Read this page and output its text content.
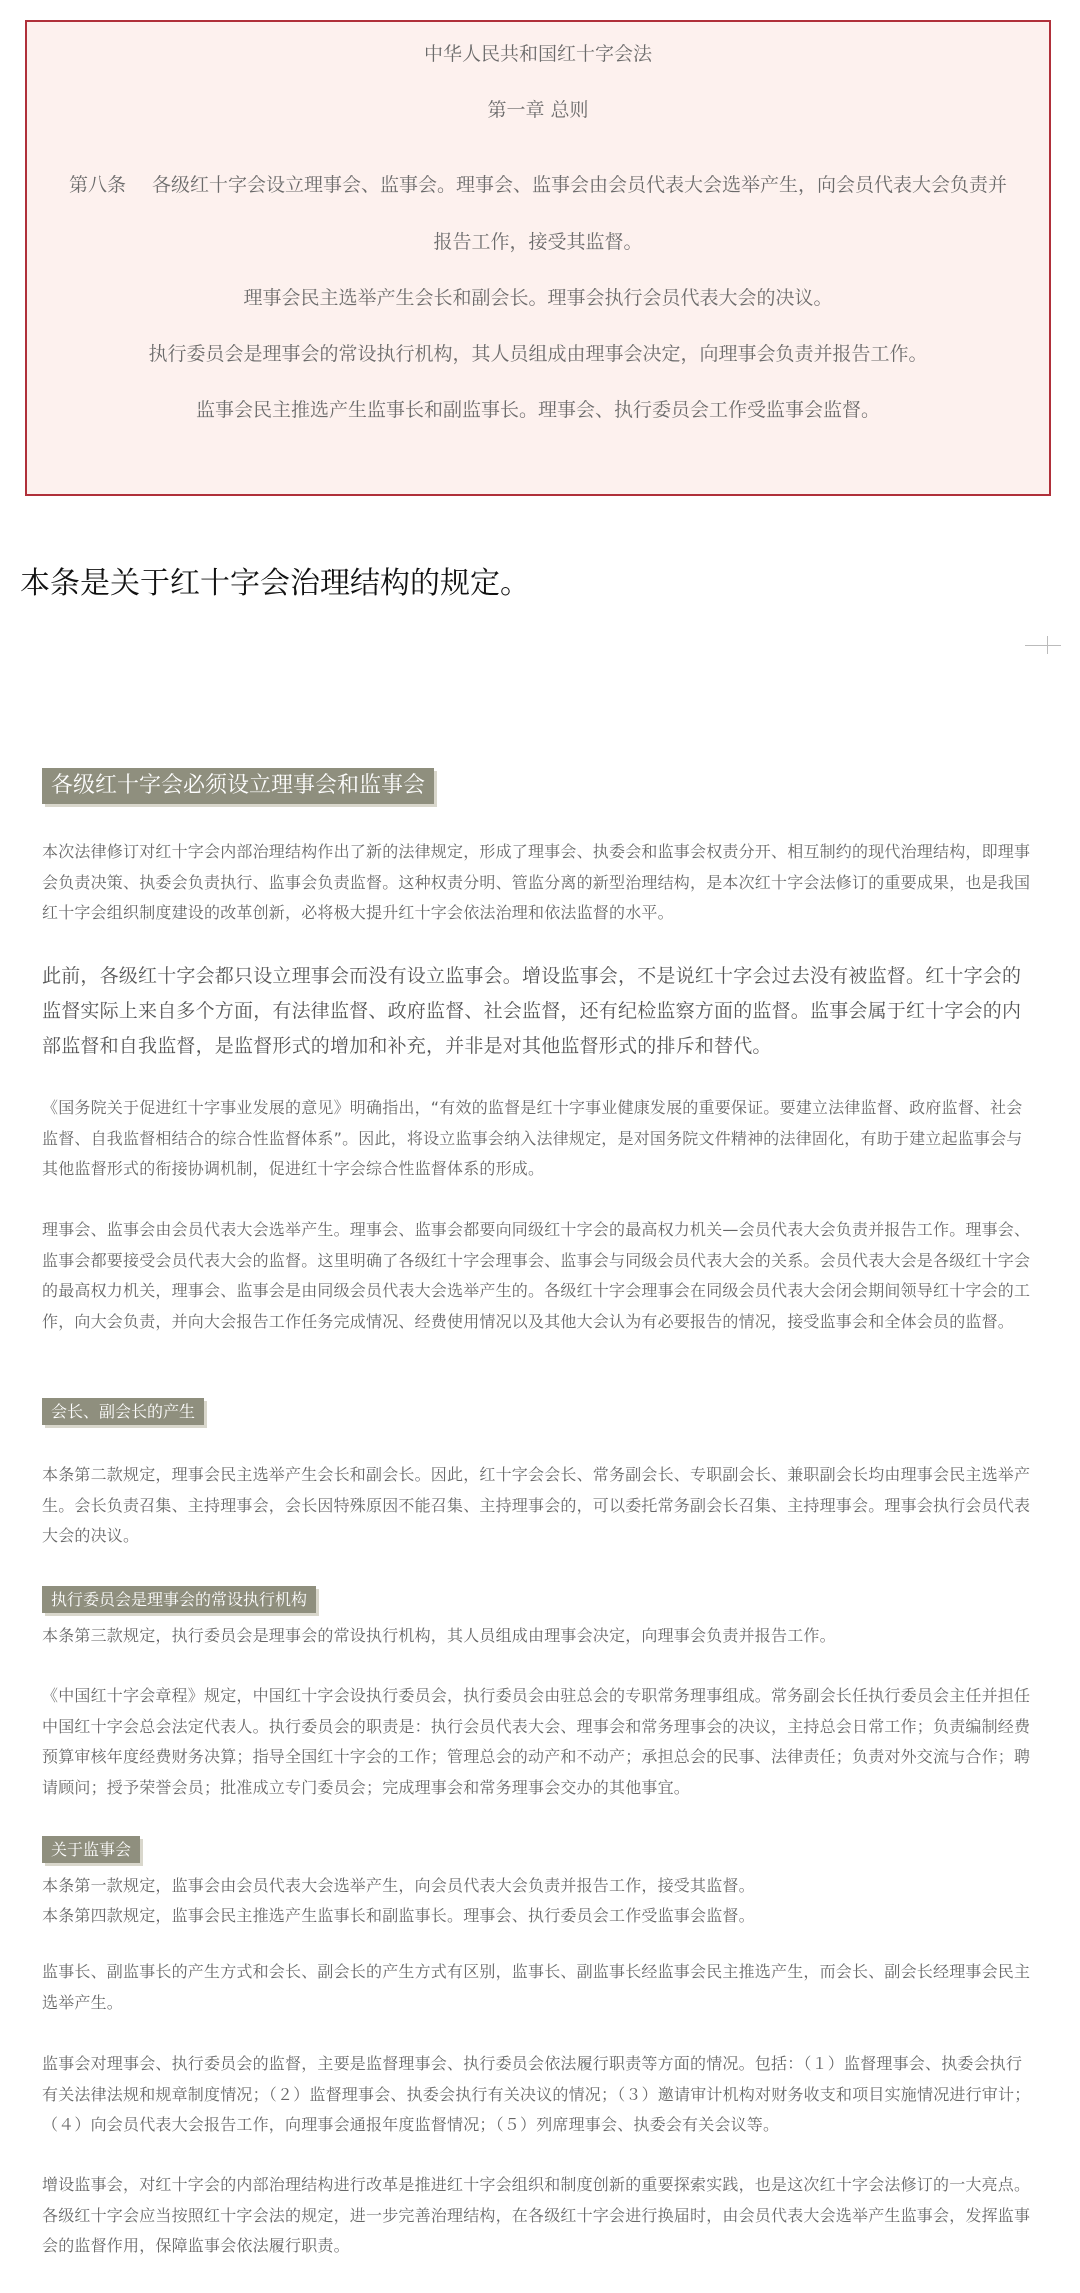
中华人民共和国红十字会法
第一章 总则
第八条 各级红十字会设立理事会、监事会。理事会、监事会由会员代表大会选举产生，向会员代表大会负责并
报告工作，接受其监督。
理事会民主选举产生会长和副会长。理事会执行会员代表大会的决议。
执行委员会是理事会的常设执行机构，其人员组成由理事会决定，向理事会负责并报告工作。
监事会民主推选产生监事长和副监事长。理事会、执行委员会工作受监事会监督。
本条是关于红十字会治理结构的规定。
各级红十字会必须设立理事会和监事会
本次法律修订对红十字会内部治理结构作出了新的法律规定，形成了理事会、执委会和监事会权责分开、相互制约的现代治理结构，即理事会负责决策、执委会负责执行、监事会负责监督。这种权责分明、管监分离的新型治理结构，是本次红十字会法修订的重要成果，也是我国红十字会组织制度建设的改革创新，必将极大提升红十字会依法治理和依法监督的水平。
此前，各级红十字会都只设立理事会而没有设立监事会。增设监事会，不是说红十字会过去没有被监督。红十字会的监督实际上来自多个方面，有法律监督、政府监督、社会监督，还有纪检监察方面的监督。监事会属于红十字会的内部监督和自我监督，是监督形式的增加和补充，并非是对其他监督形式的排斥和替代。
《国务院关于促进红十字事业发展的意见》明确指出，“有效的监督是红十字事业健康发展的重要保证。要建立法律监督、政府监督、社会监督、自我监督相结合的综合性监督体系”。因此，将设立监事会纳入法律规定，是对国务院文件精神的法律固化，有助于建立起监事会与其他监督形式的衔接协调机制，促进红十字会综合性监督体系的形成。
理事会、监事会由会员代表大会选举产生。理事会、监事会都要向同级红十字会的最高权力机关—会员代表大会负责并报告工作。理事会、监事会都要接受会员代表大会的监督。这里明确了各级红十字会理事会、监事会与同级会员代表大会的关系。会员代表大会是各级红十字会的最高权力机关，理事会、监事会是由同级会员代表大会选举产生的。各级红十字会理事会在同级会员代表大会闭会期间领导红十字会的工作，向大会负责，并向大会报告工作任务完成情况、经费使用情况以及其他大会认为有必要报告的情况，接受监事会和全体会员的监督。
会长、副会长的产生
本条第二款规定，理事会民主选举产生会长和副会长。因此，红十字会会长、常务副会长、专职副会长、兼职副会长均由理事会民主选举产生。会长负责召集、主持理事会，会长因特殊原因不能召集、主持理事会的，可以委托常务副会长召集、主持理事会。理事会执行会员代表大会的决议。
执行委员会是理事会的常设执行机构
本条第三款规定，执行委员会是理事会的常设执行机构，其人员组成由理事会决定，向理事会负责并报告工作。
《中国红十字会章程》规定，中国红十字会设执行委员会，执行委员会由驻总会的专职常务理事组成。常务副会长任执行委员会主任并担任中国红十字会总会法定代表人。执行委员会的职责是：执行会员代表大会、理事会和常务理事会的决议，主持总会日常工作；负责编制经费预算审核年度经费财务决算；指导全国红十字会的工作；管理总会的动产和不动产；承担总会的民事、法律责任；负责对外交流与合作；聘请顾问；授予荣誉会员；批准成立专门委员会；完成理事会和常务理事会交办的其他事宜。
关于监事会
本条第一款规定，监事会由会员代表大会选举产生，向会员代表大会负责并报告工作，接受其监督。
本条第四款规定，监事会民主推选产生监事长和副监事长。理事会、执行委员会工作受监事会监督。
监事长、副监事长的产生方式和会长、副会长的产生方式有区别，监事长、副监事长经监事会民主推选产生，而会长、副会长经理事会民主选举产生。
监事会对理事会、执行委员会的监督，主要是监督理事会、执行委员会依法履行职责等方面的情况。包括：（１）监督理事会、执委会执行有关法律法规和规章制度情况；（２）监督理事会、执委会执行有关决议的情况；（３）邀请审计机构对财务收支和项目实施情况进行审计；（４）向会员代表大会报告工作，向理事会通报年度监督情况；（５）列席理事会、执委会有关会议等。
增设监事会，对红十字会的内部治理结构进行改革是推进红十字会组织和制度创新的重要探索实践，也是这次红十字会法修订的一大亮点。各级红十字会应当按照红十字会法的规定，进一步完善治理结构，在各级红十字会进行换届时，由会员代表大会选举产生监事会，发挥监事会的监督作用，保障监事会依法履行职责。
